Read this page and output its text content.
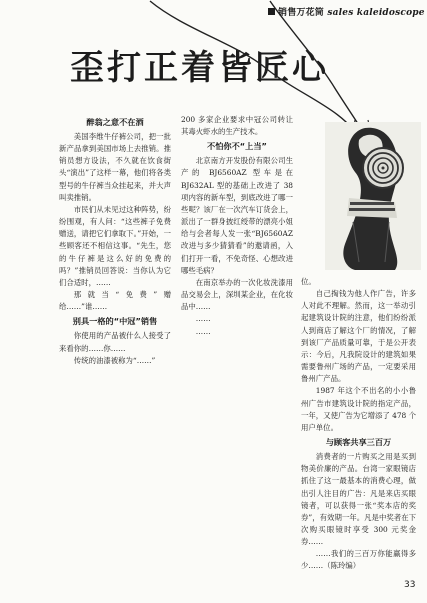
销售万花筒 sales kaleidoscope
歪打正着皆匠心
醉翁之意不在酒

美国李维牛仔裤公司，把一批新产品拿到美国市场上去推销。推销员想方设法，不久就在饮食街头“演出”了这样一幕，他们将各类型号的牛仔裤当众挂起来，并大声叫卖推销。

市民们从未见过这种阵势，纷纷围观，有人问：“这些裤子免费赠送，请把它们拿取下。”开始，一些顾客还不相信这事。“先生，您的牛仔裤是这么好的免费的吗？”推销员回答说：当你认为它们合适时，……

那就当“免费”赠给……”谁……

别具一格的“中冠”销售

你使用的产品被什么人接受了来看你的……你……

传统的油漆被称为“……”

200 多家企业要求中冠公司转让其毒火虾水的生产技术。

不怕你不“上当”

北京南方开发股份有限公司生产的 BJ6560AZ 型车是在 BJ632AL 型的基础上改进了 38 项内容的新车型，到底改进了哪一些呢？该厂在一次汽车订货会上，派出了一群身披红绶带的漂亮小姐给与会者每人发一张“BJ6560AZ 改进与多少猜猜看”的邀请函，入们打开一看，不免奇怪、心想改进哪些毛病？

在南京举办的一次化妆洗漆用品交易会上，深圳某企业，在化妆品中……

……

……

位。

自己掏钱为他人作广告，许多人对此不理解。然而，这一举动引起建筑设计院的注意，他们纷纷派人到商店了解这个厂的情况，了解到该厂产品质量可靠，于是公开表示：今后，凡我院设计的建筑如果需要鲁州广场的产品，一定要采用鲁州广产品。

1987 年这个不出名的小小鲁州广告市建筑设计院的指定产品，一年，又使广告为它增添了 478 个用户单位。

与顾客共享三百万

消费者的一片购买之用是买到物美价廉的产品。台湾一家眼镜店抓住了这一最基本的消费心理，做出引人注目的广告：凡是来店买眼镜者，可以获得一张“奖本店的奖券”，有效期一年。凡是中奖者在下次购买眼镜时享受 300 元奖金券……

……我们的三百万你能赢得多少……（陈玲编）

33
